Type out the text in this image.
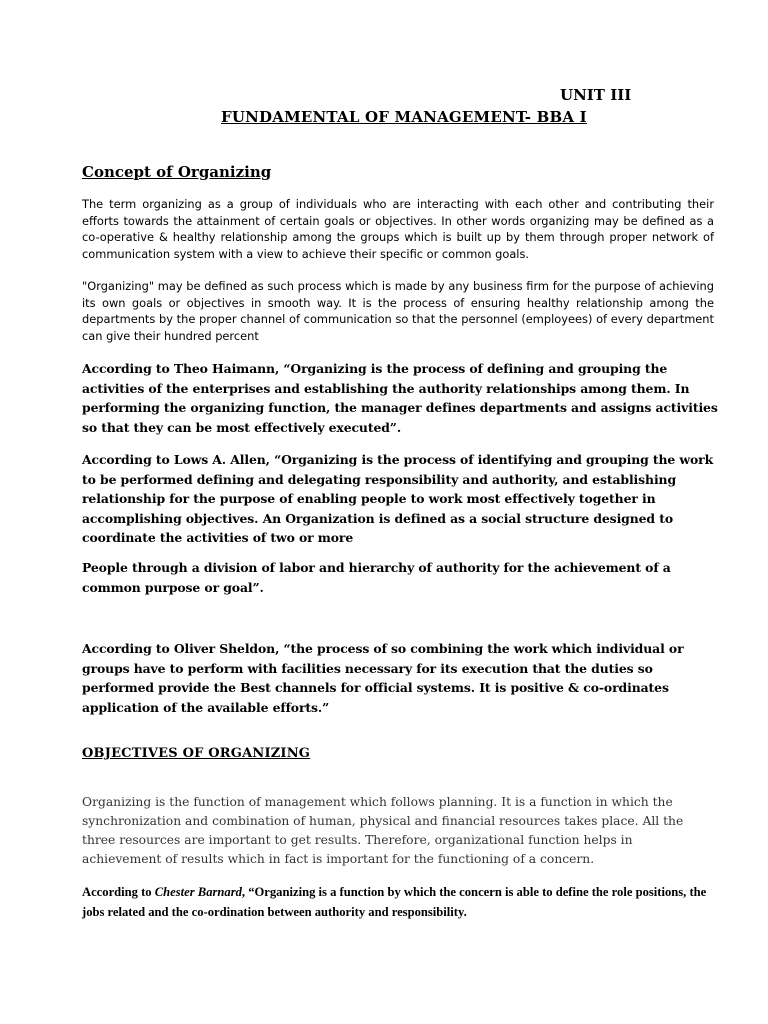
UNIT III

FUNDAMENTAL OF MANAGEMENT- BBA I

Concept of Organizing

The term organizing as a group of individuals who are interacting with each other and contributing their efforts towards the attainment of certain goals or objectives. In other words organizing may be defined as a co-operative & healthy relationship among the groups which is built up by them through proper network of communication system with a view to achieve their specific or common goals.

"Organizing" may be defined as such process which is made by any business firm for the purpose of achieving its own goals or objectives in smooth way. It is the process of ensuring healthy relationship among the departments by the proper channel of communication so that the personnel (employees) of every department can give their hundred percent

According to Theo Haimann, “Organizing is the process of defining and grouping the activities of the enterprises and establishing the authority relationships among them. In performing the organizing function, the manager defines departments and assigns activities so that they can be most effectively executed”.

According to Lows A. Allen, “Organizing is the process of identifying and grouping the work to be performed defining and delegating responsibility and authority, and establishing relationship for the purpose of enabling people to work most effectively together in accomplishing objectives. An Organization is defined as a social structure designed to coordinate the activities of two or more

People through a division of labor and hierarchy of authority for the achievement of a common purpose or goal”.

According to Oliver Sheldon, “the process of so combining the work which individual or groups have to perform with facilities necessary for its execution that the duties so performed provide the Best channels for official systems. It is positive & co-ordinates application of the available efforts.”

OBJECTIVES OF ORGANIZING

Organizing is the function of management which follows planning. It is a function in which the synchronization and combination of human, physical and financial resources takes place. All the three resources are important to get results. Therefore, organizational function helps in achievement of results which in fact is important for the functioning of a concern.

According to Chester Barnard, “Organizing is a function by which the concern is able to define the role positions, the jobs related and the co-ordination between authority and responsibility.
